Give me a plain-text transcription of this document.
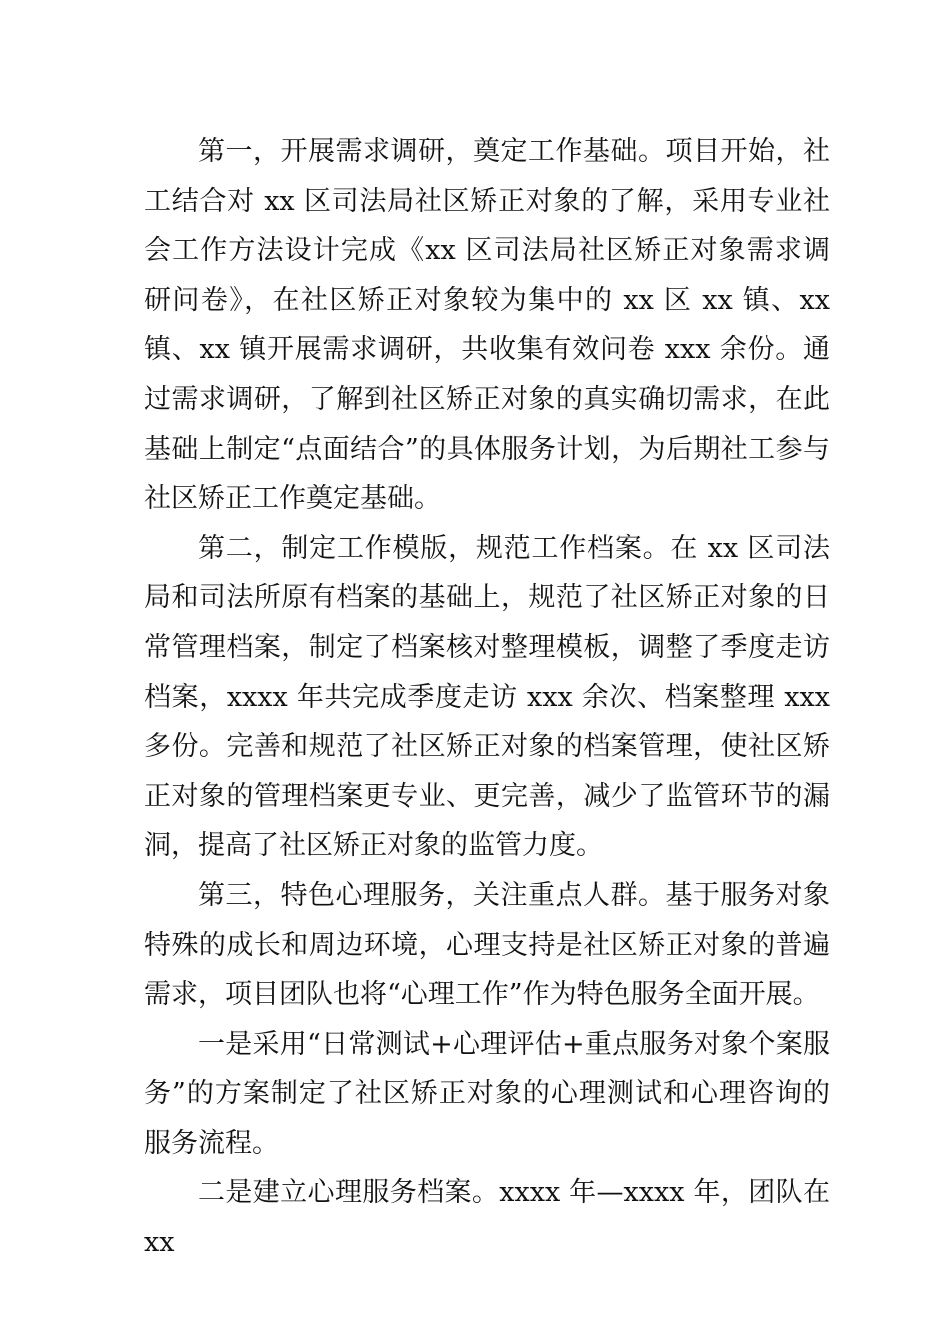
第一，开展需求调研，奠定工作基础。项目开始，社工结合对 xx 区司法局社区矫正对象的了解，采用专业社会工作方法设计完成《xx 区司法局社区矫正对象需求调研问卷》，在社区矫正对象较为集中的 xx 区 xx 镇、xx 镇、xx 镇开展需求调研，共收集有效问卷 xxx 余份。通过需求调研，了解到社区矫正对象的真实确切需求，在此基础上制定“点面结合”的具体服务计划，为后期社工参与社区矫正工作奠定基础。

第二，制定工作模版，规范工作档案。在 xx 区司法局和司法所原有档案的基础上，规范了社区矫正对象的日常管理档案，制定了档案核对整理模板，调整了季度走访档案，xxxx 年共完成季度走访 xxx 余次、档案整理 xxx 多份。完善和规范了社区矫正对象的档案管理，使社区矫正对象的管理档案更专业、更完善，减少了监管环节的漏洞，提高了社区矫正对象的监管力度。

第三，特色心理服务，关注重点人群。基于服务对象特殊的成长和周边环境，心理支持是社区矫正对象的普遍需求，项目团队也将“心理工作”作为特色服务全面开展。

一是采用“日常测试+心理评估+重点服务对象个案服务”的方案制定了社区矫正对象的心理测试和心理咨询的服务流程。

二是建立心理服务档案。xxxx 年—xxxx 年，团队在 xx
